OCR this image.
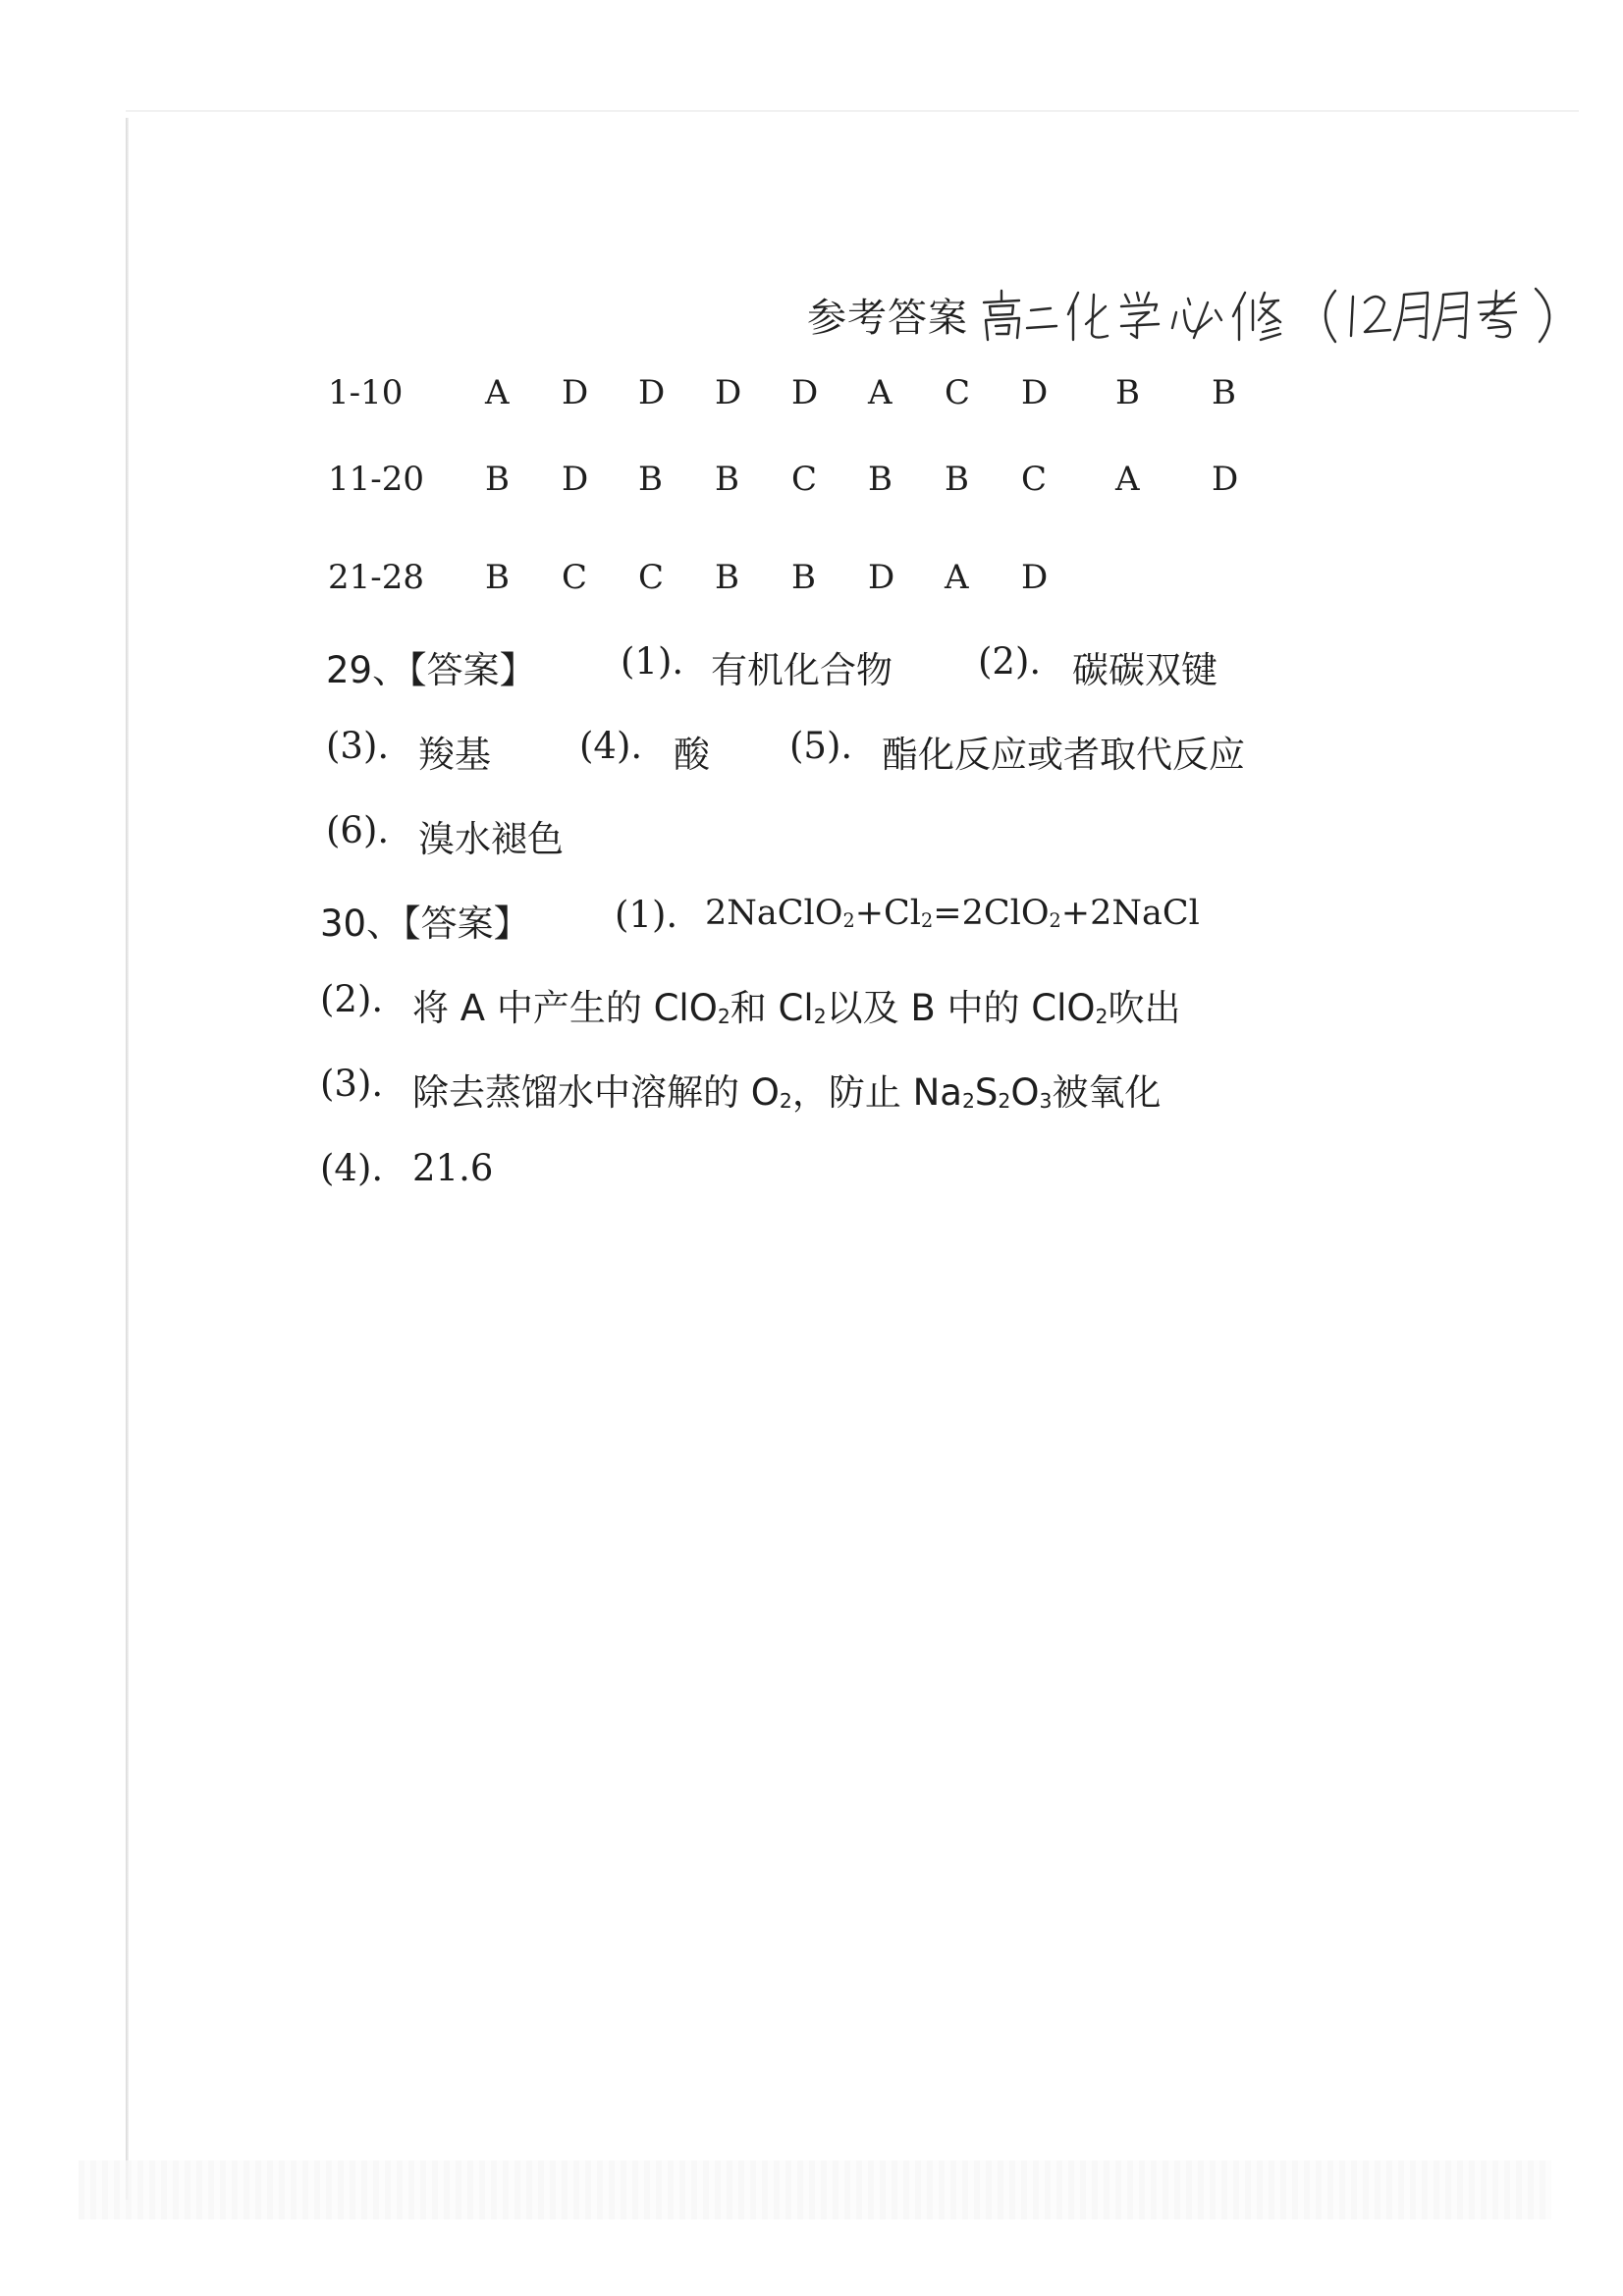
参考答案
1-10 A D D D D A C D B B
11-20 B D B B C B B C A D
21-28 B C C B B D A D
29、【答案】 (1). 有机化合物 (2). 碳碳双键
(3). 羧基 (4). 酸 (5). 酯化反应或者取代反应
(6). 溴水褪色
30、【答案】 (1). $2NaClO_2+Cl_2=2ClO_2+2NaCl$
(2). 将 A 中产生的 ClO$_2$和 $Cl_2$以及 B 中的 ClO$_2$吹出
(3). 除去蒸馏水中溶解的 $O_2$，防止 $Na_2S_2O_3$被氧化
(4). 21.6
